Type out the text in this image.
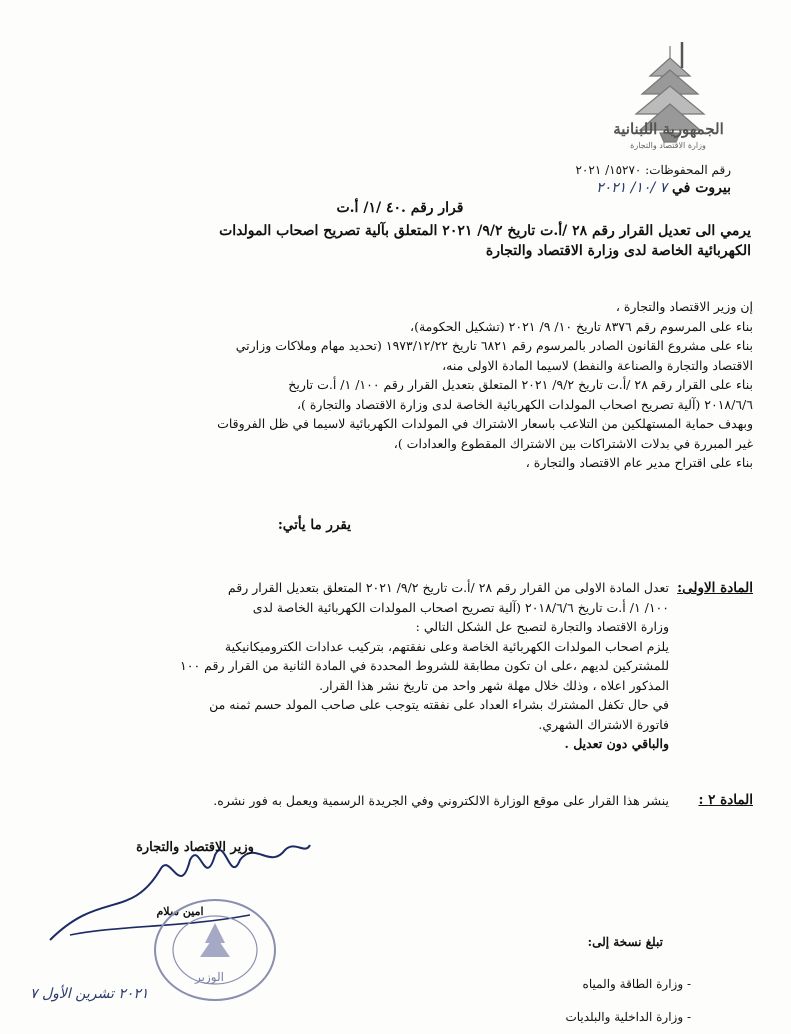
الجمهورية اللبنانية
وزارة الاقتصاد والتجارة
رقم المحفوظات: ١٥٢٧٠/ ٢٠٢١
بيروت في ٧ /١٠/ ٢٠٢١
قرار رقم .٤٠ /١/ أ.ت
يرمي الى تعديل القرار رقم ٢٨ /أ.ت تاريخ ٩/٢/ ٢٠٢١ المتعلق بآلية تصريح اصحاب المولدات
الكهربائية الخاصة لدى وزارة الاقتصاد والتجارة

إن وزير الاقتصاد والتجارة ،

بناء على المرسوم رقم ٨٣٧٦ تاريخ ١٠/ ٩/ ٢٠٢١ (تشكيل الحكومة)،

بناء على مشروع القانون الصادر بالمرسوم رقم ٦٨٢١ تاريخ ١٩٧٣/١٢/٢٢ (تحديد مهام وملاكات وزارتي

الاقتصاد والتجارة والصناعة والنفط) لاسيما المادة الاولى منه،

بناء على القرار رقم ٢٨ /أ.ت تاريخ ٩/٢/ ٢٠٢١ المتعلق بتعديل القرار رقم ١٠٠/ ١/ أ.ت تاريخ

٢٠١٨/٦/٦ (آلية تصريح اصحاب المولدات الكهربائية الخاصة لدى وزارة الاقتصاد والتجارة )،

وبهدف حماية المستهلكين من التلاعب باسعار الاشتراك في المولدات الكهربائية لاسيما في ظل الفروقات

غير المبررة في بدلات الاشتراكات بين الاشتراك المقطوع والعدادات )،

بناء على اقتراح مدير عام الاقتصاد والتجارة ،

يقرر ما يأتي:
المادة الاولى:

تعدل المادة الاولى من القرار رقم ٢٨ /أ.ت تاريخ ٩/٢/ ٢٠٢١ المتعلق بتعديل القرار رقم

١٠٠/ ١/ أ.ت تاريخ ٢٠١٨/٦/٦ (آلية تصريح اصحاب المولدات الكهربائية الخاصة لدى

وزارة الاقتصاد والتجارة لتصبح عل الشكل التالي :

يلزم اصحاب المولدات الكهربائية الخاصة وعلى نفقتهم، بتركيب عدادات الكتروميكانيكية

للمشتركين لديهم ،على ان تكون مطابقة للشروط المحددة في المادة الثانية من القرار رقم ١٠٠

المذكور اعلاه ، وذلك خلال مهلة شهر واحد من تاريخ نشر هذا القرار.

في حال تكفل المشترك بشراء العداد على نفقته يتوجب على صاحب المولد حسم ثمنه من

فاتورة الاشتراك الشهري.

والباقي دون تعديل .

المادة ٢ :
ينشر هذا القرار على موقع الوزارة الالكتروني وفي الجريدة الرسمية ويعمل به فور نشره.
وزير الاقتصاد والتجارة
امين سلام
الوزير
تبلغ نسخة إلى:
- وزارة الطاقة والمياه
- وزارة الداخلية والبلديات
٢٠٢١ تشرين الأول ٧
